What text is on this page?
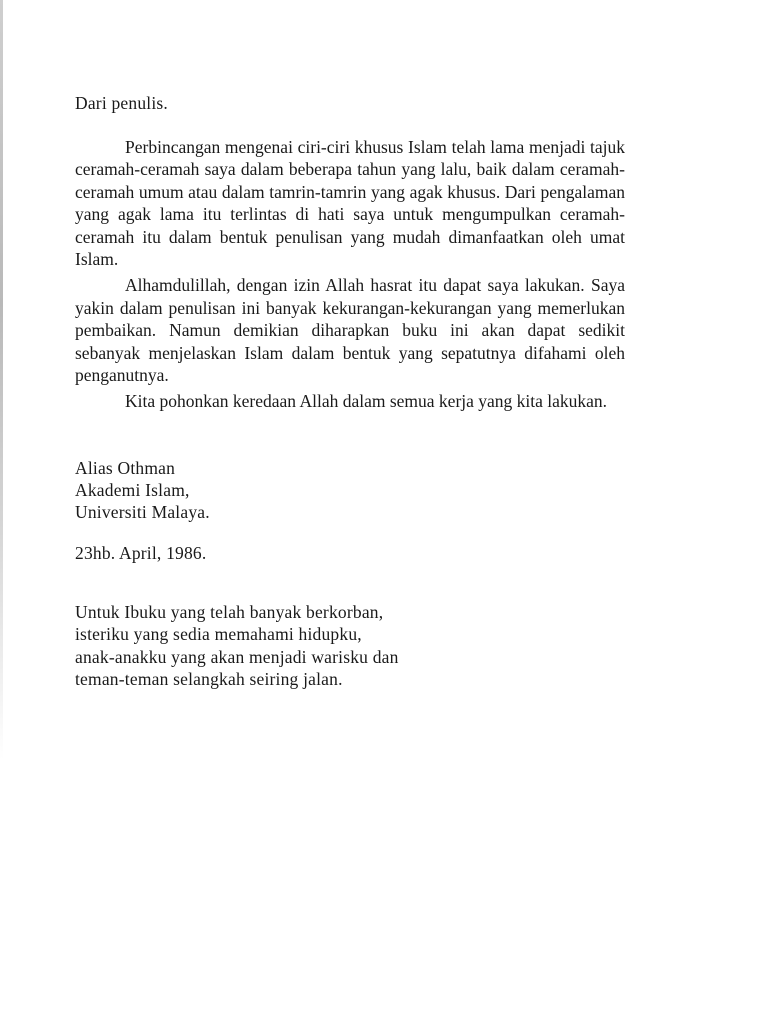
Dari penulis.

Perbincangan mengenai ciri-ciri khusus Islam telah lama menjadi tajuk ceramah-ceramah saya dalam beberapa tahun yang lalu, baik dalam ceramah-ceramah umum atau dalam tamrin-tamrin yang agak khusus. Dari pengalaman yang agak lama itu terlintas di hati saya untuk mengumpulkan ceramah-ceramah itu dalam bentuk penulisan yang mudah dimanfaatkan oleh umat Islam.

Alhamdulillah, dengan izin Allah hasrat itu dapat saya lakukan. Saya yakin dalam penulisan ini banyak kekurangan-kekurangan yang memerlukan pembaikan. Namun demikian diharapkan buku ini akan dapat sedikit sebanyak menjelaskan Islam dalam bentuk yang sepatutnya difahami oleh penganutnya.

Kita pohonkan keredaan Allah dalam semua kerja yang kita lakukan.

Alias Othman
Akademi Islam,
Universiti Malaya.
23hb. April, 1986.
Untuk Ibuku yang telah banyak berkorban,
isteriku yang sedia memahami hidupku,
anak-anakku yang akan menjadi warisku dan
teman-teman selangkah seiring jalan.
